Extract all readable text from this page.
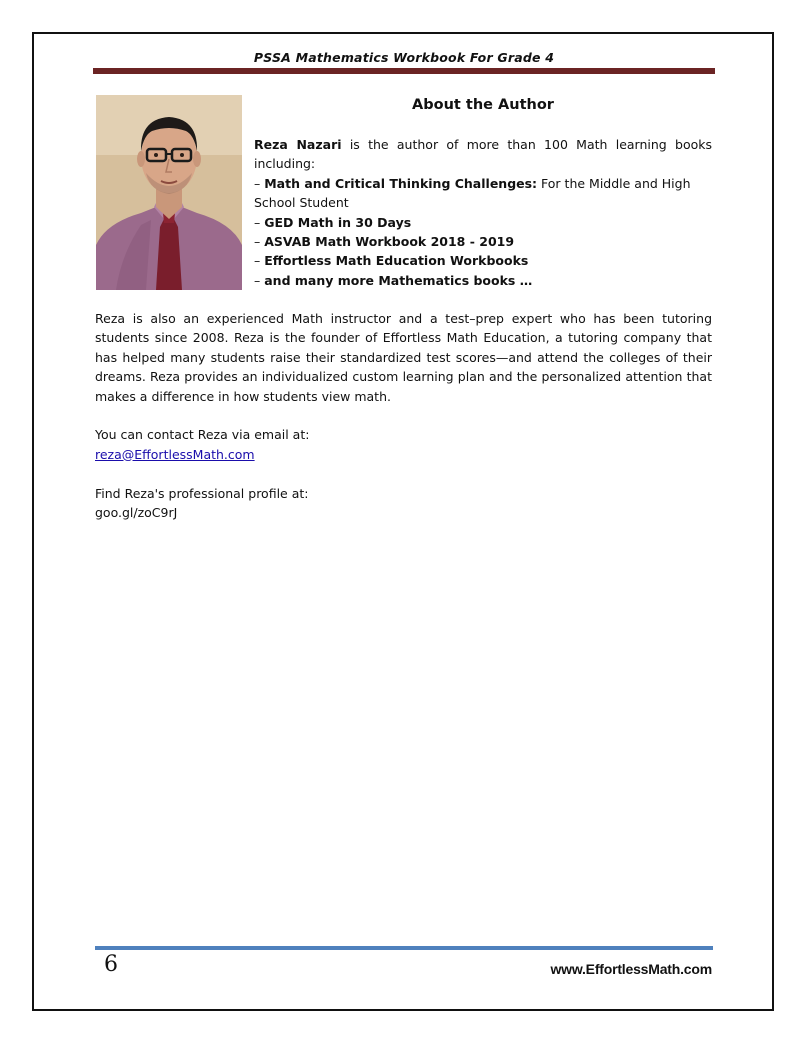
PSSA Mathematics Workbook For Grade 4
About the Author

Reza Nazari is the author of more than 100 Math learning books including:

– Math and Critical Thinking Challenges: For the Middle and High School Student
– GED Math in 30 Days
– ASVAB Math Workbook 2018 - 2019
– Effortless Math Education Workbooks
– and many more Mathematics books …

Reza is also an experienced Math instructor and a test–prep expert who has been tutoring students since 2008. Reza is the founder of Effortless Math Education, a tutoring company that has helped many students raise their standardized test scores—and attend the colleges of their dreams. Reza provides an individualized custom learning plan and the personalized attention that makes a difference in how students view math.

You can contact Reza via email at:
reza@EffortlessMath.com

Find Reza's professional profile at:
goo.gl/zoC9rJ

6	www.EffortlessMath.com
